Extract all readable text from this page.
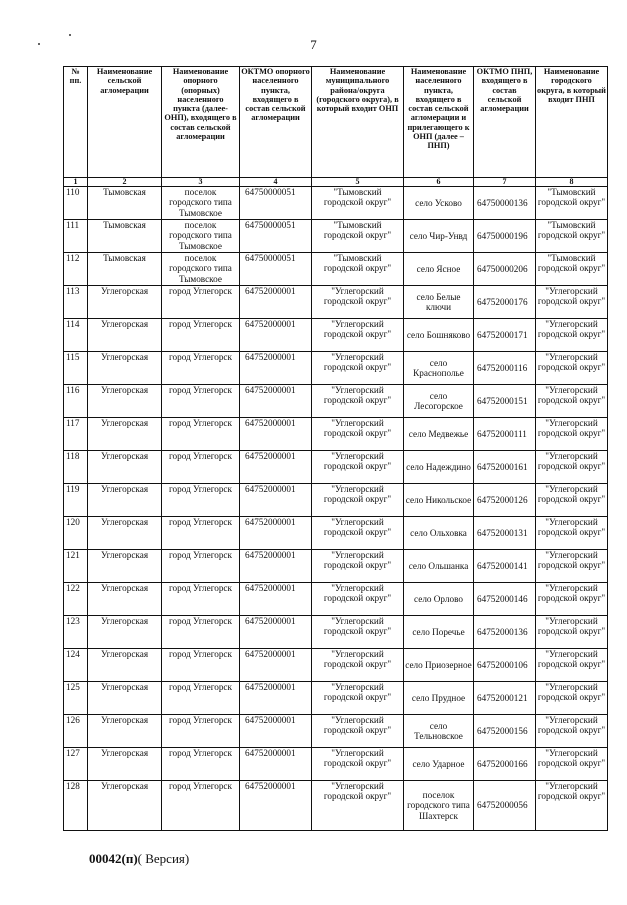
7
№ пп.	Наименование сельской агломерации	Наименование опорного (опорных) населенного пункта (далее-ОНП), входящего в состав сельской агломерации	ОКТМО опорного населенного пункта, входящего в состав сельской агломерации	Наименование муниципального района/округа (городского округа), в который входит ОНП	Наименование населенного пункта, входящего в состав сельской агломерации и прилегающего к ОНП (далее – ПНП)	ОКТМО ПНП, входящего в состав сельской агломерации	Наименование городского округа, в который входит ПНП
1	2	3	4	5	6	7	8
110	Тымовская	поселок городского типа Тымовское	64750000051	"Тымовский городской округ"	село Усково	64750000136	"Тымовский городской округ"
111	Тымовская	поселок городского типа Тымовское	64750000051	"Тымовский городской округ"	село Чир-Унвд	64750000196	"Тымовский городской округ"
112	Тымовская	поселок городского типа Тымовское	64750000051	"Тымовский городской округ"	село Ясное	64750000206	"Тымовский городской округ"
113	Углегорская	город Углегорск	64752000001	"Углегорский городской округ"	село Белые ключи	64752000176	"Углегорский городской округ"
114	Углегорская	город Углегорск	64752000001	"Углегорский городской округ"	село Бошняково	64752000171	"Углегорский городской округ"
115	Углегорская	город Углегорск	64752000001	"Углегорский городской округ"	село Краснополье	64752000116	"Углегорский городской округ"
116	Углегорская	город Углегорск	64752000001	"Углегорский городской округ"	село Лесогорское	64752000151	"Углегорский городской округ"
117	Углегорская	город Углегорск	64752000001	"Углегорский городской округ"	село Медвежье	64752000111	"Углегорский городской округ"
118	Углегорская	город Углегорск	64752000001	"Углегорский городской округ"	село Надеждино	64752000161	"Углегорский городской округ"
119	Углегорская	город Углегорск	64752000001	"Углегорский городской округ"	село Никольское	64752000126	"Углегорский городской округ"
120	Углегорская	город Углегорск	64752000001	"Углегорский городской округ"	село Ольховка	64752000131	"Углегорский городской округ"
121	Углегорская	город Углегорск	64752000001	"Углегорский городской округ"	село Ольшанка	64752000141	"Углегорский городской округ"
122	Углегорская	город Углегорск	64752000001	"Углегорский городской округ"	село Орлово	64752000146	"Углегорский городской округ"
123	Углегорская	город Углегорск	64752000001	"Углегорский городской округ"	село Поречье	64752000136	"Углегорский городской округ"
124	Углегорская	город Углегорск	64752000001	"Углегорский городской округ"	село Приозерное	64752000106	"Углегорский городской округ"
125	Углегорская	город Углегорск	64752000001	"Углегорский городской округ"	село Прудное	64752000121	"Углегорский городской округ"
126	Углегорская	город Углегорск	64752000001	"Углегорский городской округ"	село Тельновское	64752000156	"Углегорский городской округ"
127	Углегорская	город Углегорск	64752000001	"Углегорский городской округ"	село Ударное	64752000166	"Углегорский городской округ"
128	Углегорская	город Углегорск	64752000001	"Углегорский городской округ"	поселок городского типа Шахтерск	64752000056	"Углегорский городской округ"
00042(п)( Версия)
